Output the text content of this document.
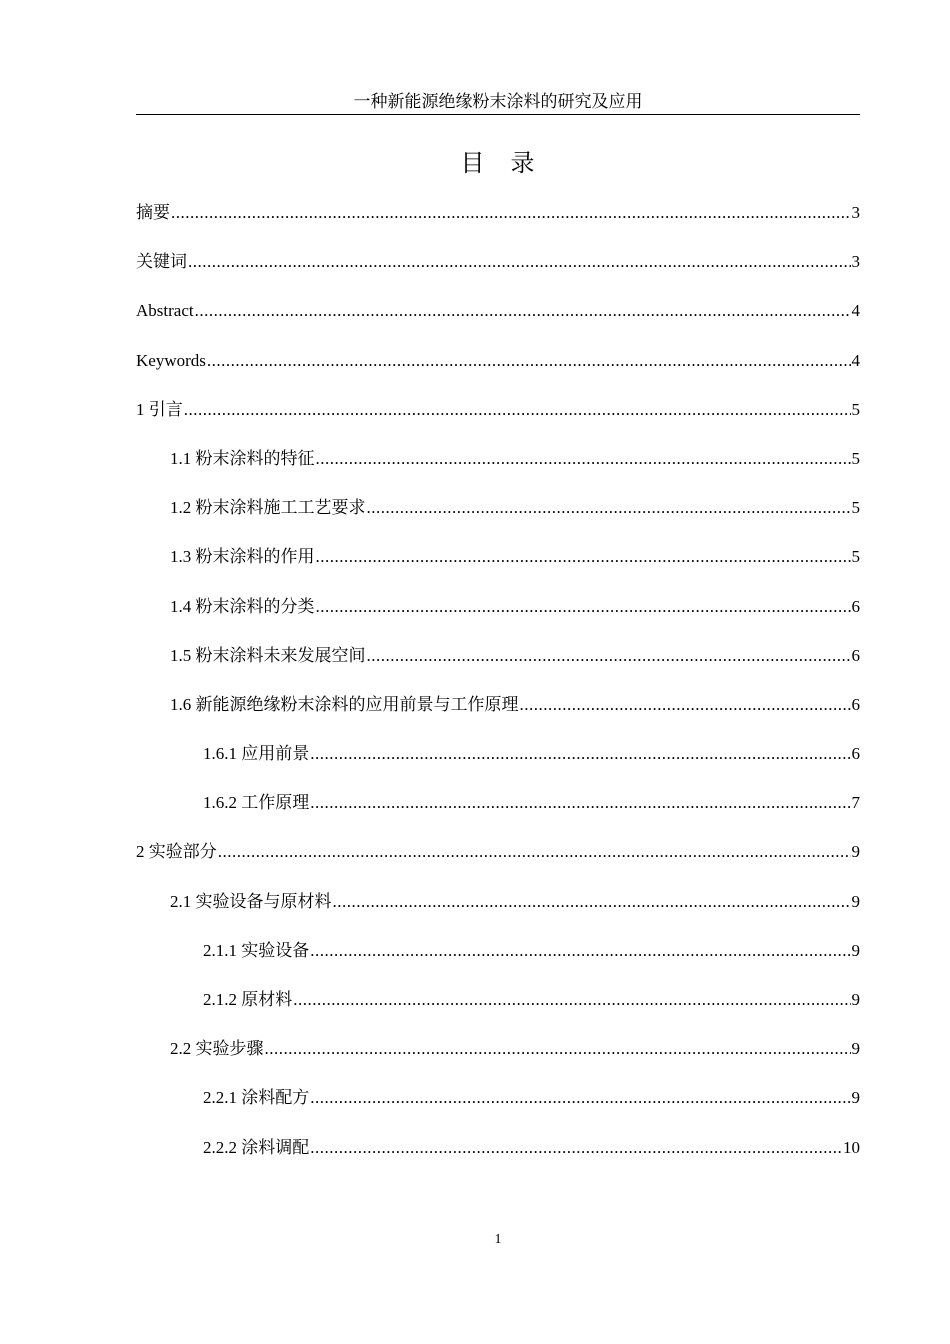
一种新能源绝缘粉末涂料的研究及应用
目　录
摘要 .....	3
关键词 .....	3
Abstract .....	4
Keywords .....	4
1 引言 .....	5
1.1 粉末涂料的特征 .....	5
1.2 粉末涂料施工工艺要求 .....	5
1.3 粉末涂料的作用 .....	5
1.4 粉末涂料的分类 .....	6
1.5 粉末涂料未来发展空间 .....	6
1.6 新能源绝缘粉末涂料的应用前景与工作原理 .....	6
1.6.1 应用前景 .....	6
1.6.2 工作原理 .....	7
2 实验部分 .....	9
2.1 实验设备与原材料 .....	9
2.1.1 实验设备 .....	9
2.1.2 原材料 .....	9
2.2 实验步骤 .....	9
2.2.1 涂料配方 .....	9
2.2.2 涂料调配 .....	10
1
